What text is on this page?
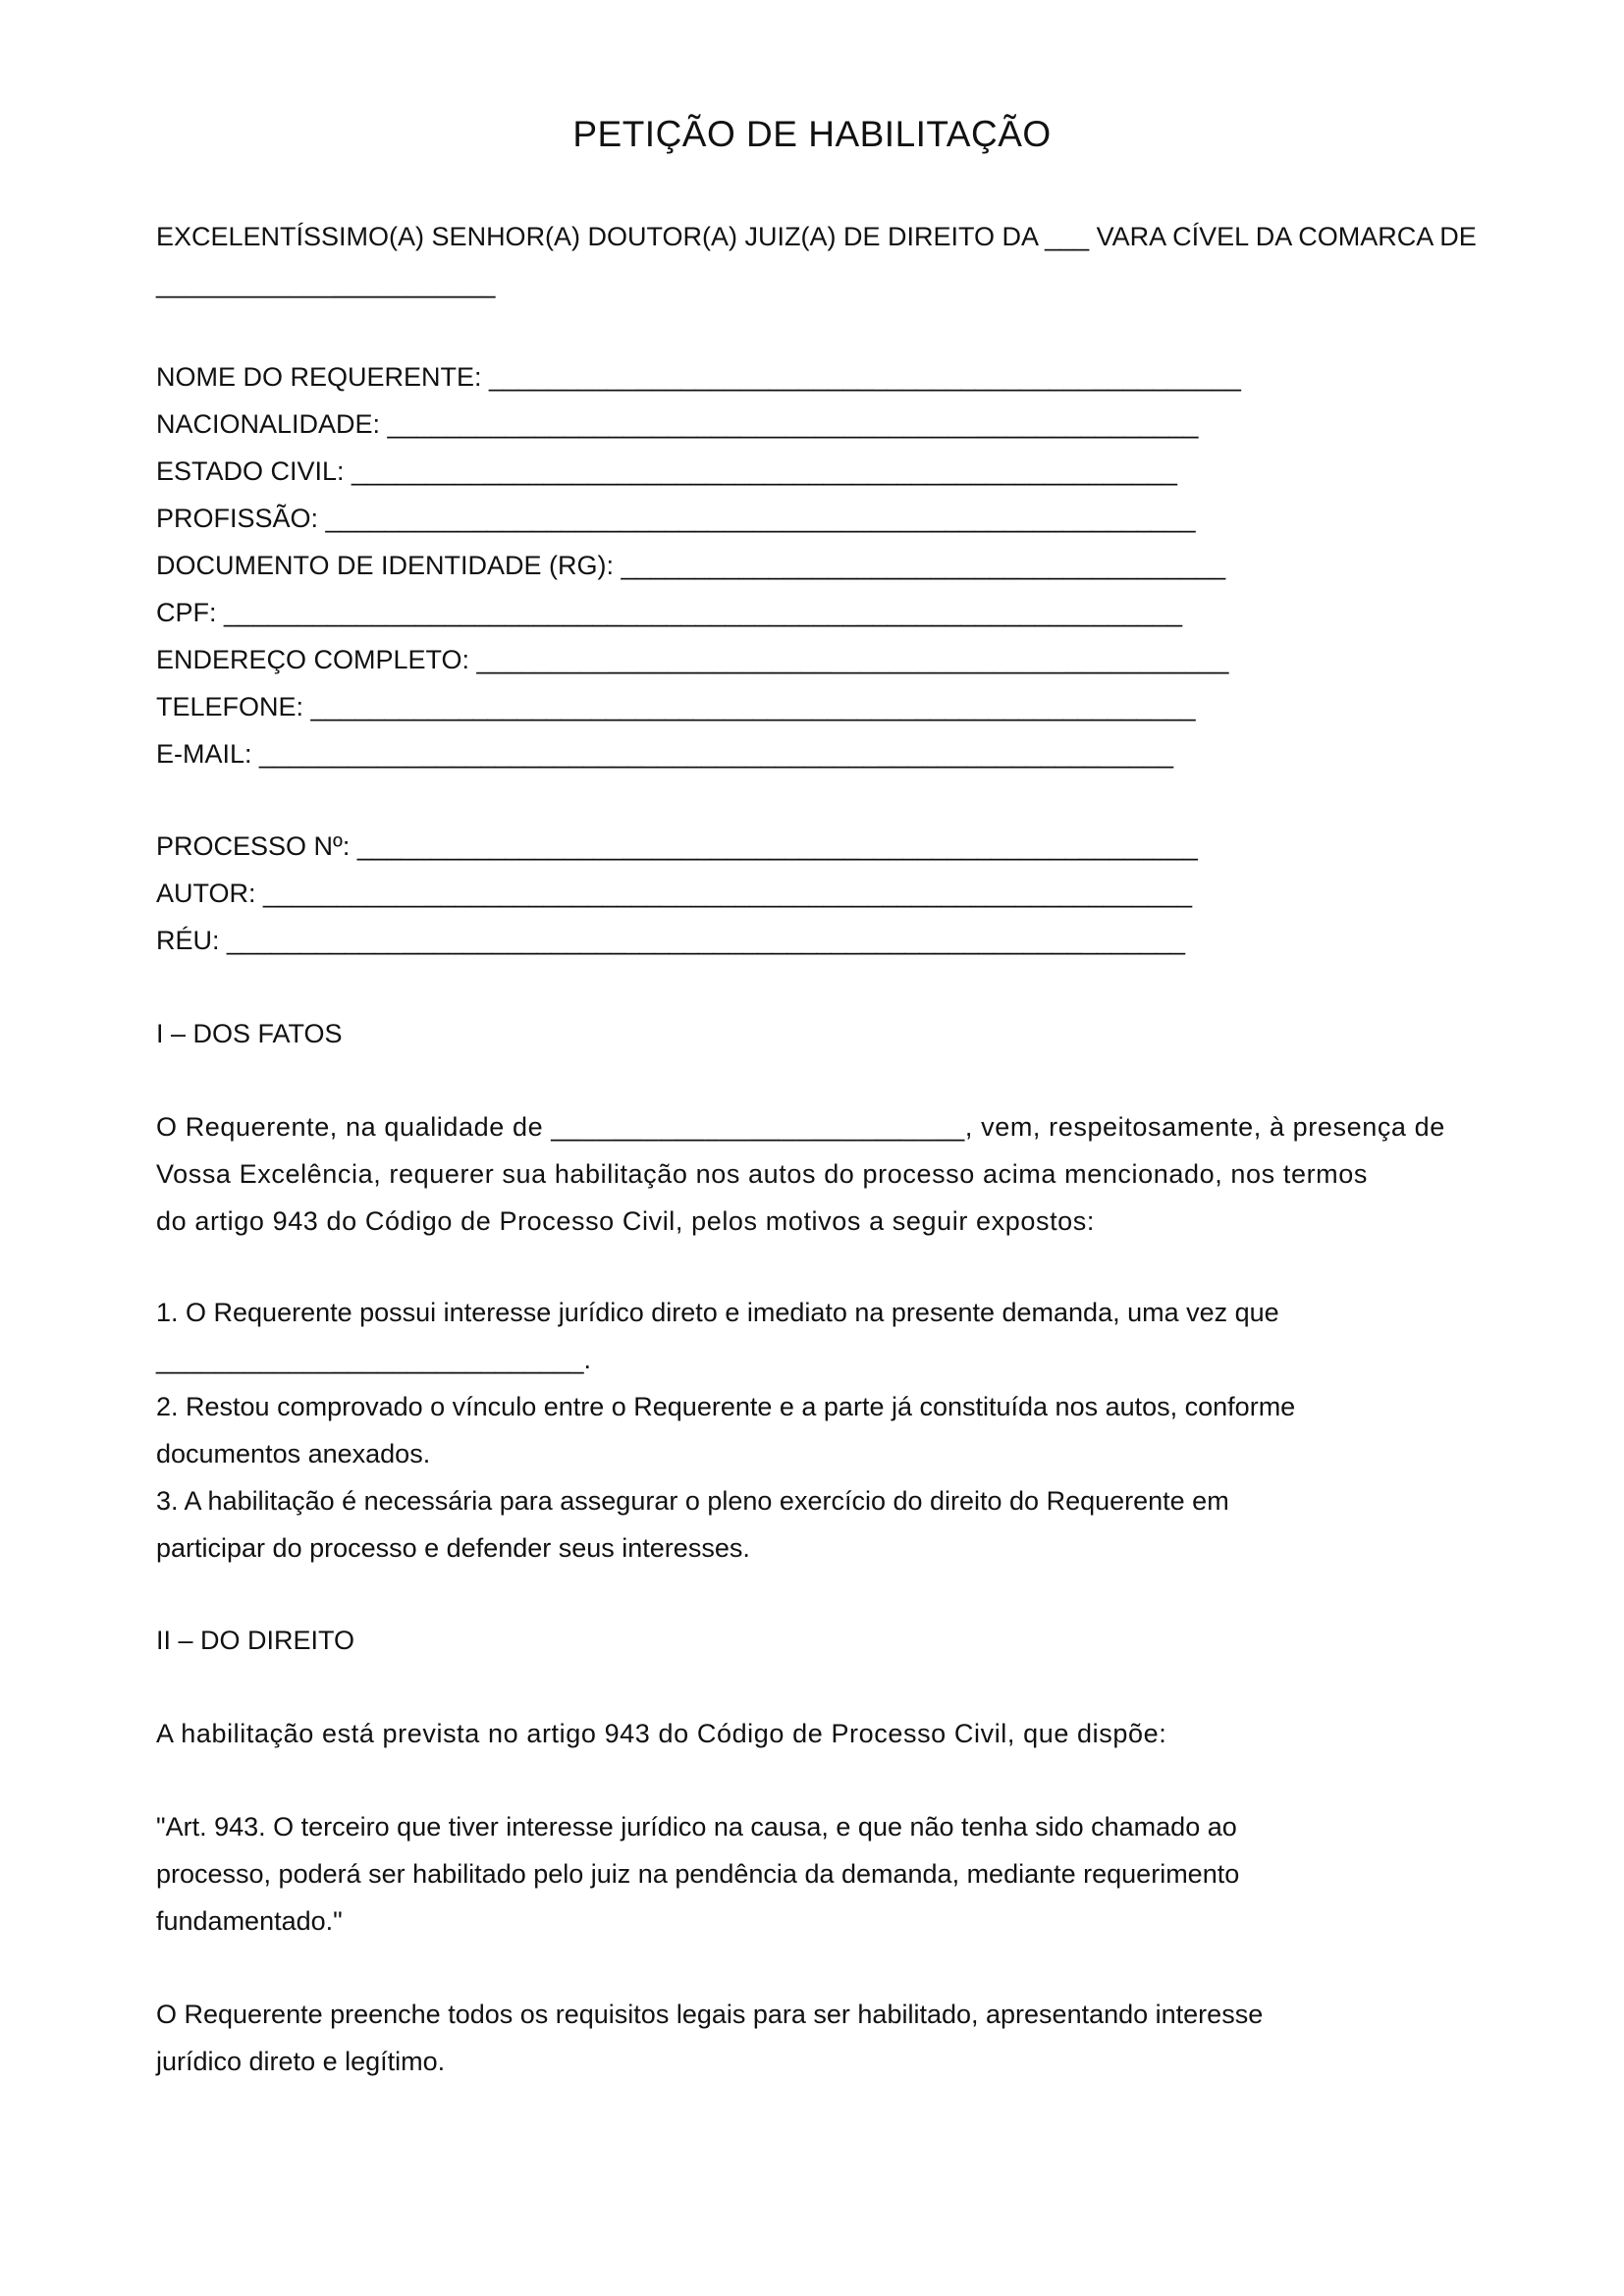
PETIÇÃO DE HABILITAÇÃO
EXCELENTÍSSIMO(A) SENHOR(A) DOUTOR(A) JUIZ(A) DE DIREITO DA ___ VARA CÍVEL DA COMARCA DE
_______________________
NOME DO REQUERENTE: ___________________________________________________
NACIONALIDADE: _______________________________________________________
ESTADO CIVIL: ________________________________________________________
PROFISSÃO: ___________________________________________________________
DOCUMENTO DE IDENTIDADE (RG): _________________________________________
CPF: _________________________________________________________________
ENDEREÇO COMPLETO: ___________________________________________________
TELEFONE: ____________________________________________________________
E-MAIL: ______________________________________________________________
PROCESSO Nº: _________________________________________________________
AUTOR: _______________________________________________________________
RÉU: _________________________________________________________________
I – DOS FATOS
O Requerente, na qualidade de ___________________________, vem, respeitosamente, à presença de
Vossa Excelência, requerer sua habilitação nos autos do processo acima mencionado, nos termos
do artigo 943 do Código de Processo Civil, pelos motivos a seguir expostos:
1. O Requerente possui interesse jurídico direto e imediato na presente demanda, uma vez que
_____________________________.
2. Restou comprovado o vínculo entre o Requerente e a parte já constituída nos autos, conforme
documentos anexados.
3. A habilitação é necessária para assegurar o pleno exercício do direito do Requerente em
participar do processo e defender seus interesses.
II – DO DIREITO
A habilitação está prevista no artigo 943 do Código de Processo Civil, que dispõe:
"Art. 943. O terceiro que tiver interesse jurídico na causa, e que não tenha sido chamado ao
processo, poderá ser habilitado pelo juiz na pendência da demanda, mediante requerimento
fundamentado."
O Requerente preenche todos os requisitos legais para ser habilitado, apresentando interesse
jurídico direto e legítimo.
